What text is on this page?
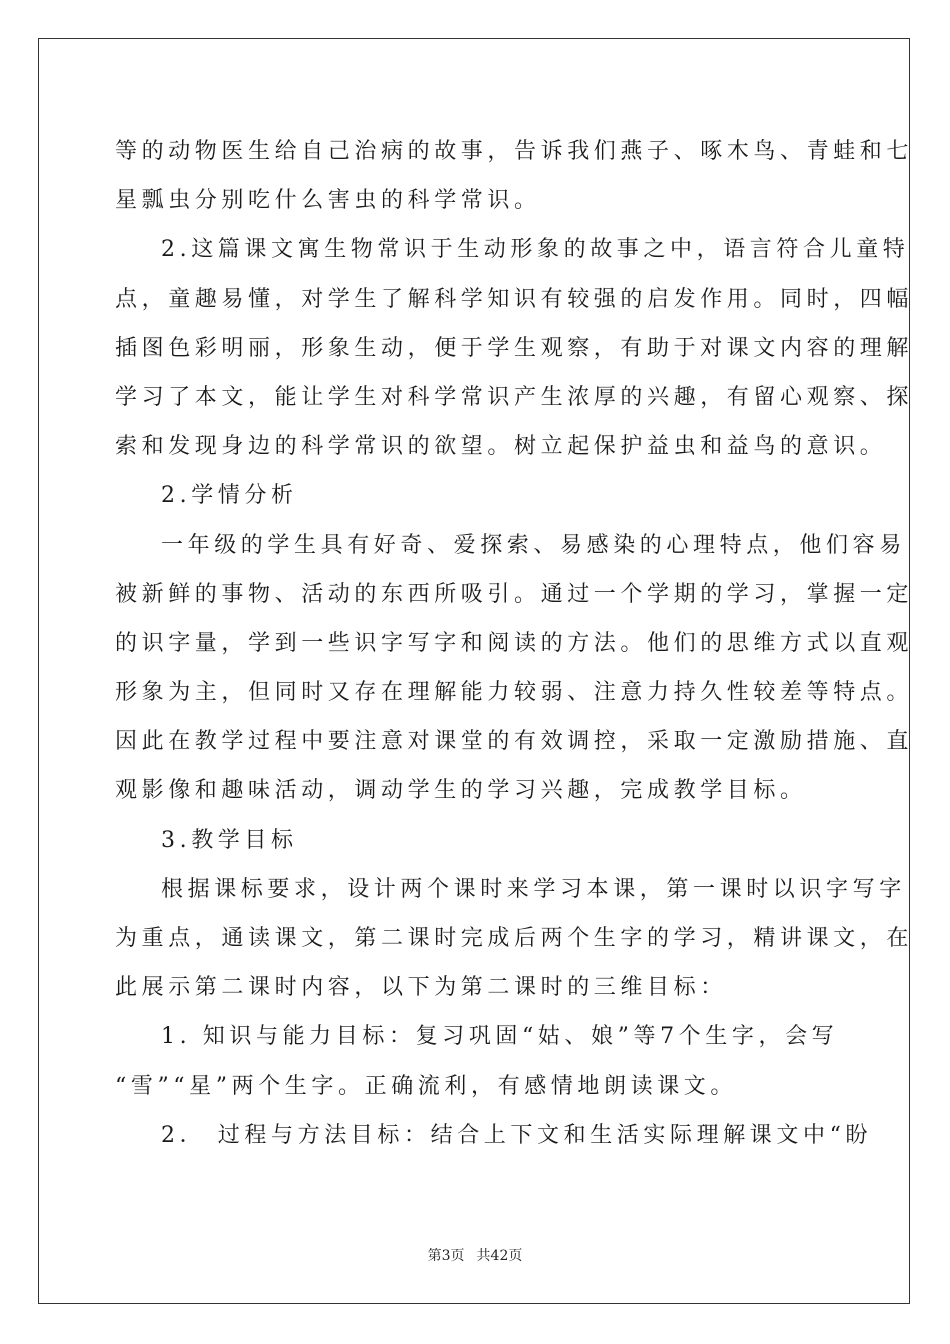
等的动物医生给自己治病的故事，告诉我们燕子、啄木鸟、青蛙和七
星瓢虫分别吃什么害虫的科学常识。
2.这篇课文寓生物常识于生动形象的故事之中，语言符合儿童特
点，童趣易懂，对学生了解科学知识有较强的启发作用。同时，四幅
插图色彩明丽，形象生动，便于学生观察，有助于对课文内容的理解
学习了本文，能让学生对科学常识产生浓厚的兴趣，有留心观察、探
索和发现身边的科学常识的欲望。树立起保护益虫和益鸟的意识。
2.学情分析
一年级的学生具有好奇、爱探索、易感染的心理特点，他们容易
被新鲜的事物、活动的东西所吸引。通过一个学期的学习，掌握一定
的识字量，学到一些识字写字和阅读的方法。他们的思维方式以直观
形象为主，但同时又存在理解能力较弱、注意力持久性较差等特点。
因此在教学过程中要注意对课堂的有效调控，采取一定激励措施、直
观影像和趣味活动，调动学生的学习兴趣，完成教学目标。
3.教学目标
根据课标要求，设计两个课时来学习本课，第一课时以识字写字
为重点，通读课文，第二课时完成后两个生字的学习，精讲课文，在
此展示第二课时内容，以下为第二课时的三维目标：
1. 知识与能力目标：复习巩固“姑、娘”等7个生字，会写
“雪”“星”两个生字。正确流利，有感情地朗读课文。
2． 过程与方法目标：结合上下文和生活实际理解课文中“盼
第3页 共42页
